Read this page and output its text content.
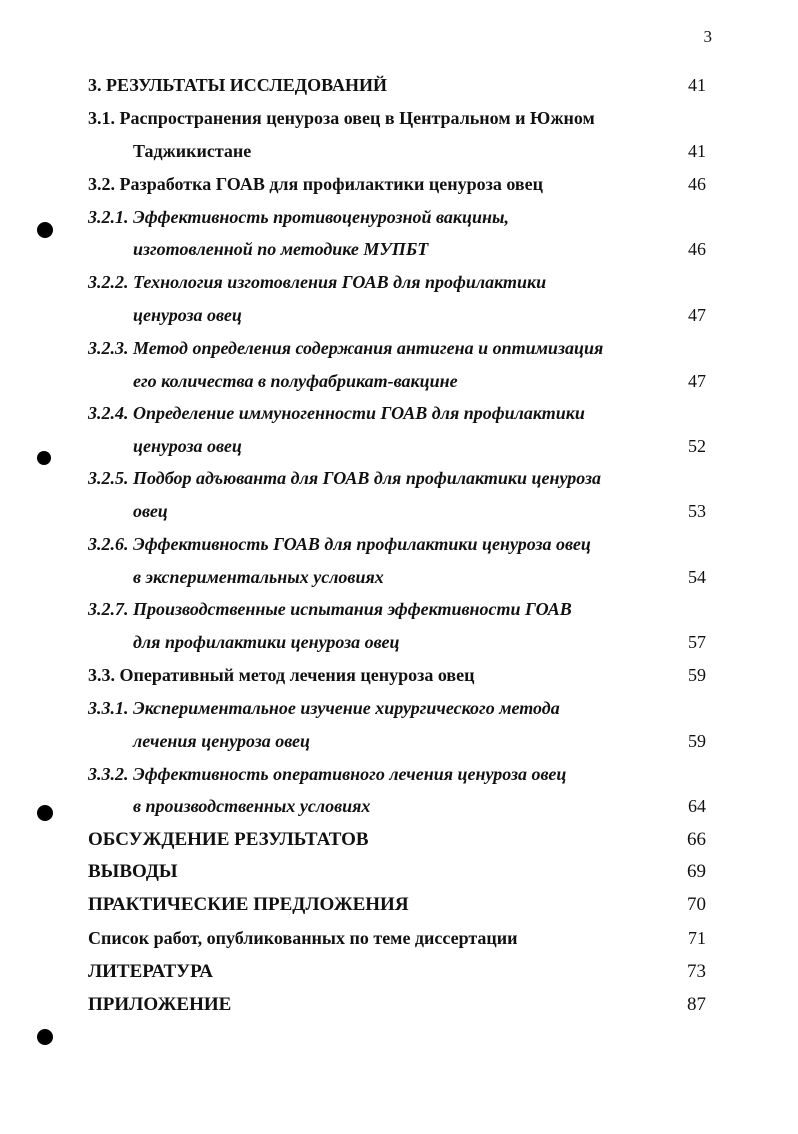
3
3. РЕЗУЛЬТАТЫ ИССЛЕДОВАНИЙ	41
3.1. Распространения ценуроза овец в Центральном и Южном
Таджикистане	41
3.2. Разработка ГОАВ для профилактики ценуроза овец	46
3.2.1. Эффективность противоценурозной вакцины,
изготовленной по методике МУПБТ	46
3.2.2. Технология изготовления ГОАВ для профилактики
ценуроза овец	47
3.2.3. Метод определения содержания антигена и оптимизация
его количества в полуфабрикат-вакцине	47
3.2.4. Определение иммуногенности ГОАВ для профилактики
ценуроза овец	52
3.2.5. Подбор адъюванта для ГОАВ для профилактики ценуроза
овец	53
3.2.6. Эффективность ГОАВ для профилактики ценуроза овец
в экспериментальных условиях	54
3.2.7. Производственные испытания эффективности ГОАВ
для профилактики ценуроза овец	57
3.3. Оперативный метод лечения ценуроза овец	59
3.3.1. Экспериментальное изучение хирургического метода
лечения ценуроза овец	59
3.3.2. Эффективность оперативного лечения ценуроза овец
в производственных условиях	64
ОБСУЖДЕНИЕ РЕЗУЛЬТАТОВ	66
ВЫВОДЫ	69
ПРАКТИЧЕСКИЕ ПРЕДЛОЖЕНИЯ	70
Список работ, опубликованных по теме диссертации	71
ЛИТЕРАТУРА	73
ПРИЛОЖЕНИЕ	87
